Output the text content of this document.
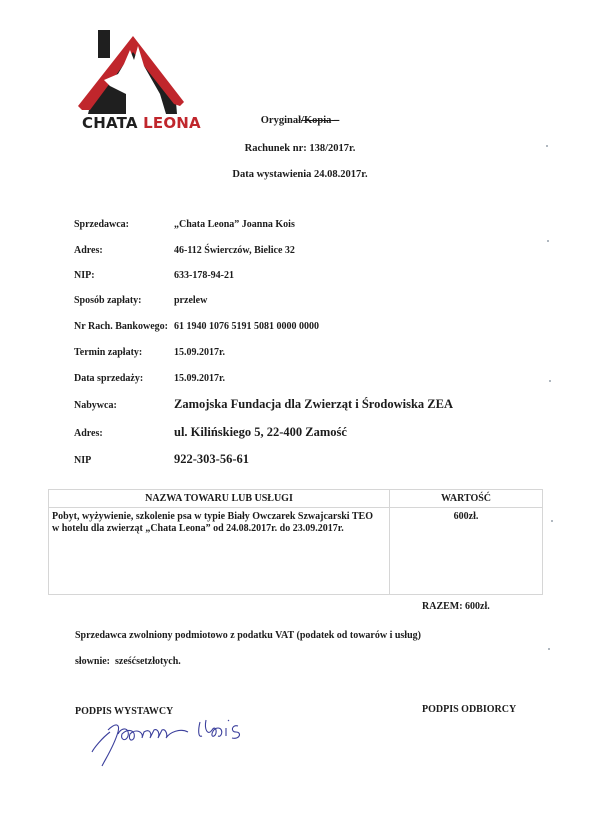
CHATA LEONA	Oryginał/Kopia –
Rachunek nr: 138/2017r.
Data wystawienia 24.08.2017r.
Sprzedawca:	„Chata Leona” Joanna Kois
Adres:	46-112 Świerczów, Bielice 32
NIP:	633-178-94-21
Sposób zapłaty:	przelew
Nr Rach. Bankowego: 61 1940 1076 5191 5081 0000 0000
Termin zapłaty:	15.09.2017r.
Data sprzedaży:	15.09.2017r.
Nabywca:	Zamojska Fundacja dla Zwierząt i Środowiska ZEA
Adres:	ul. Kilińskiego 5, 22-400 Zamość
NIP	922-303-56-61
NAZWA TOWARU LUB USŁUGI	WARTOŚĆ

Pobyt, wyżywienie, szkolenie psa w typie Biały Owczarek Szwajcarski TEO
w hotelu dla zwierząt „Chata Leona” od 24.08.2017r. do 23.09.2017r.	600zł.
RAZEM: 600zł.
Sprzedawca zwolniony podmiotowo z podatku VAT (podatek od towarów i usług)
słownie:  sześćsetzłotych.
PODPIS WYSTAWCY	PODPIS ODBIORCY
